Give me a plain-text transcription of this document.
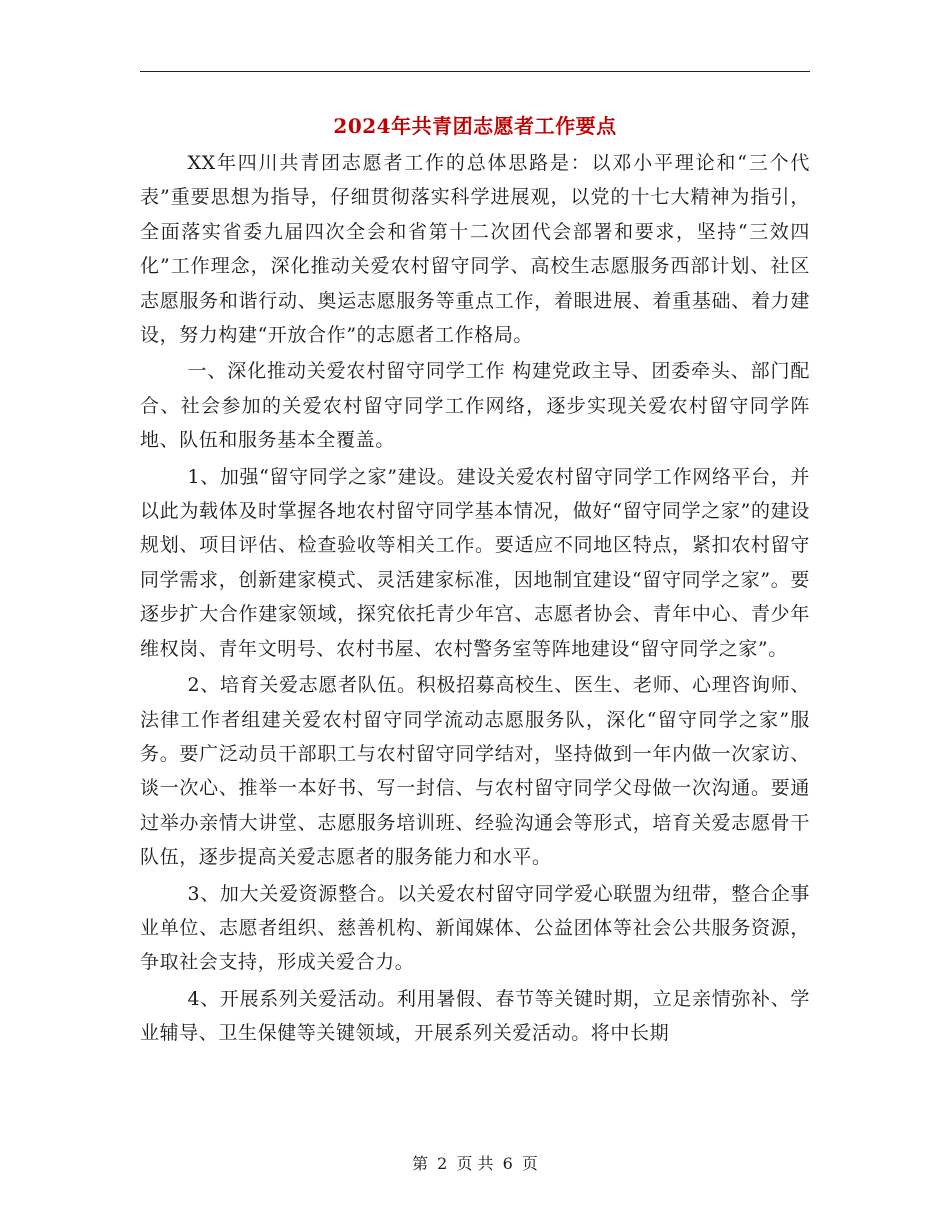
2024年共青团志愿者工作要点

XX年四川共青团志愿者工作的总体思路是：以邓小平理论和“三个代表”重要思想为指导，仔细贯彻落实科学进展观，以党的十七大精神为指引，全面落实省委九届四次全会和省第十二次团代会部署和要求，坚持“三效四化”工作理念，深化推动关爱农村留守同学、高校生志愿服务西部计划、社区志愿服务和谐行动、奥运志愿服务等重点工作，着眼进展、着重基础、着力建设，努力构建“开放合作”的志愿者工作格局。

一、深化推动关爱农村留守同学工作 构建党政主导、团委牵头、部门配合、社会参加的关爱农村留守同学工作网络，逐步实现关爱农村留守同学阵地、队伍和服务基本全覆盖。

1、加强“留守同学之家”建设。建设关爱农村留守同学工作网络平台，并以此为载体及时掌握各地农村留守同学基本情况，做好“留守同学之家”的建设规划、项目评估、检查验收等相关工作。要适应不同地区特点，紧扣农村留守同学需求，创新建家模式、灵活建家标准，因地制宜建设“留守同学之家”。要逐步扩大合作建家领域，探究依托青少年宫、志愿者协会、青年中心、青少年维权岗、青年文明号、农村书屋、农村警务室等阵地建设“留守同学之家”。

2、培育关爱志愿者队伍。积极招募高校生、医生、老师、心理咨询师、法律工作者组建关爱农村留守同学流动志愿服务队，深化“留守同学之家”服务。要广泛动员干部职工与农村留守同学结对，坚持做到一年内做一次家访、谈一次心、推举一本好书、写一封信、与农村留守同学父母做一次沟通。要通过举办亲情大讲堂、志愿服务培训班、经验沟通会等形式，培育关爱志愿骨干队伍，逐步提高关爱志愿者的服务能力和水平。

3、加大关爱资源整合。以关爱农村留守同学爱心联盟为纽带，整合企事业单位、志愿者组织、慈善机构、新闻媒体、公益团体等社会公共服务资源，争取社会支持，形成关爱合力。

4、开展系列关爱活动。利用暑假、春节等关键时期，立足亲情弥补、学业辅导、卫生保健等关键领域，开展系列关爱活动。将中长期

第 2 页 共 6 页
